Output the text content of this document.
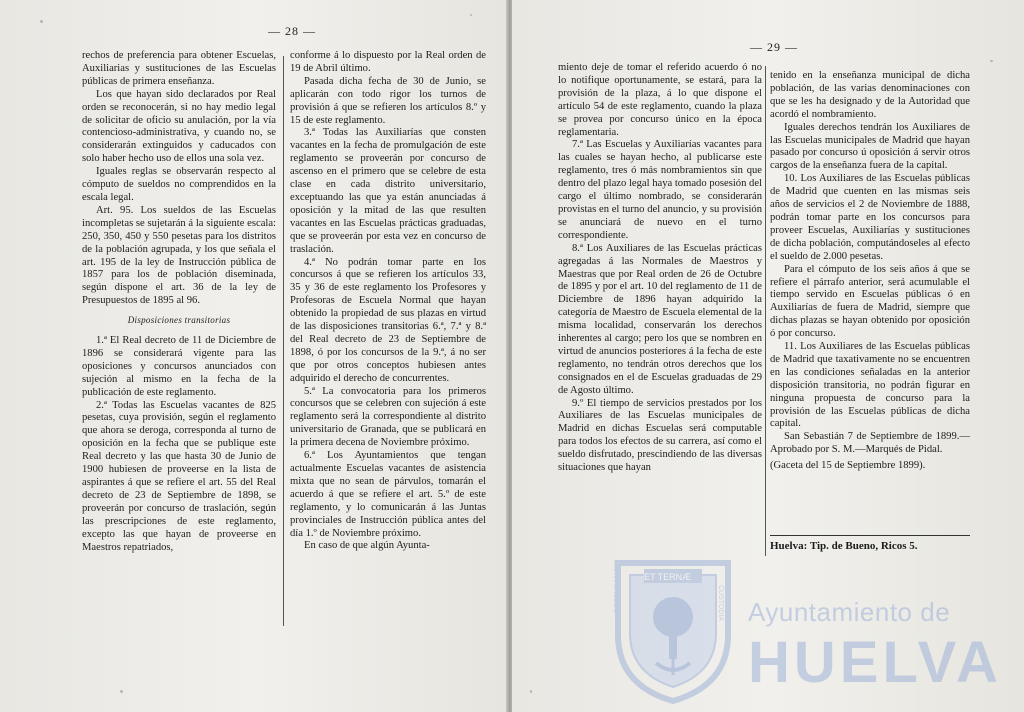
— 28 —

rechos de preferencia para obtener Escuelas, Auxiliarias y sustituciones de las Escuelas públicas de primera enseñanza.

Los que hayan sido declarados por Real orden se reconocerán, si no hay medio legal de solicitar de oficio su anulación, por la vía contencioso-administrativa, y cuando no, se considerarán extinguidos y caducados con solo haber hecho uso de ellos una sola vez.

Iguales reglas se observarán respecto al cómputo de sueldos no comprendidos en la escala legal.

Art. 95. Los sueldos de las Escuelas incompletas se sujetarán á la siguiente escala: 250, 350, 450 y 550 pesetas para los distritos de la población agrupada, y los que señala el art. 195 de la ley de Instrucción pública de 1857 para los de población diseminada, según dispone el art. 36 de la ley de Presupuestos de 1895 al 96.

Disposiciones transitorias

1.ª El Real decreto de 11 de Diciembre de 1896 se considerará vigente para las oposiciones y concursos anunciados con sujeción al mismo en la fecha de la publicación de este reglamento.

2.ª Todas las Escuelas vacantes de 825 pesetas, cuya provisión, según el reglamento que ahora se deroga, corresponda al turno de oposición en la fecha que se publique este Real decreto y las que hasta 30 de Junio de 1900 hubiesen de proveerse en la lista de aspirantes á que se refiere el art. 55 del Real decreto de 23 de Septiembre de 1898, se proveerán por concurso de traslación, según las prescripciones de este reglamento, excepto las que hayan de proveerse en Maestros repatriados,

conforme á lo dispuesto por la Real orden de 19 de Abril último.

Pasada dicha fecha de 30 de Junio, se aplicarán con todo rigor los turnos de provisión á que se refieren los artículos 8.º y 15 de este reglamento.

3.ª Todas las Auxiliarías que consten vacantes en la fecha de promulgación de este reglamento se proveerán por concurso de ascenso en el primero que se celebre de esta clase en cada distrito universitario, exceptuando las que ya están anunciadas á oposición y la mitad de las que resulten vacantes en las Escuelas prácticas graduadas, que se proveerán por esta vez en concurso de traslación.

4.ª No podrán tomar parte en los concursos á que se refieren los artículos 33, 35 y 36 de este reglamento los Profesores y Profesoras de Escuela Normal que hayan obtenido la propiedad de sus plazas en virtud de las disposiciones transitorias 6.ª, 7.ª y 8.ª del Real decreto de 23 de Septiembre de 1898, ó por los concursos de la 9.ª, á no ser que por otros conceptos hubiesen antes adquirido el derecho de concurrentes.

5.ª La convocatoria para los primeros concursos que se celebren con sujeción á este reglamento será la correspondiente al distrito universitario de Granada, que se publicará en la primera decena de Noviembre próximo.

6.ª Los Ayuntamientos que tengan actualmente Escuelas vacantes de asistencia mixta que no sean de párvulos, tomarán el acuerdo á que se refiere el art. 5.º de este reglamento, y lo comunicarán á las Juntas provinciales de Instrucción pública antes del día 1.º de Noviembre próximo.

En caso de que algún Ayunta-

— 29 —

miento deje de tomar el referido acuerdo ó no lo notifique oportunamente, se estará, para la provisión de la plaza, á lo que dispone el artículo 54 de este reglamento, cuando la plaza se provea por concurso único en la época reglamentaria.

7.ª Las Escuelas y Auxiliarías vacantes para las cuales se hayan hecho, al publicarse este reglamento, tres ó más nombramientos sin que dentro del plazo legal haya tomado posesión del cargo el último nombrado, se considerarán provistas en el turno del anuncio, y su provisión se anunciará de nuevo en el turno correspondiente.

8.ª Los Auxiliares de las Escuelas prácticas agregadas á las Normales de Maestros y Maestras que por Real orden de 26 de Octubre de 1895 y por el art. 10 del reglamento de 11 de Diciembre de 1896 hayan adquirido la categoría de Maestro de Escuela elemental de la misma localidad, conservarán los derechos inherentes al cargo; pero los que se nombren en virtud de anuncios posteriores á la fecha de este reglamento, no tendrán otros derechos que los consignados en el de Escuelas graduadas de 29 de Agosto último.

9.º El tiempo de servicios prestados por los Auxiliares de las Escuelas municipales de Madrid en dichas Escuelas será computable para todos los efectos de su carrera, así como el sueldo disfrutado, prescindiendo de las diversas situaciones que hayan

tenido en la enseñanza municipal de dicha población, de las varias denominaciones con que se les ha designado y de la Autoridad que acordó el nombramiento.

Iguales derechos tendrán los Auxiliares de las Escuelas municipales de Madrid que hayan pasado por concurso ú oposición á servir otros cargos de la enseñanza fuera de la capital.

10. Los Auxiliares de las Escuelas públicas de Madrid que cuenten en las mismas seis años de servicios el 2 de Noviembre de 1888, podrán tomar parte en los concursos para proveer Escuelas, Auxiliarías y sustituciones de dicha población, computándoseles al efecto el sueldo de 2.000 pesetas.

Para el cómputo de los seis años á que se refiere el párrafo anterior, será acumulable el tiempo servido en Escuelas públicas ó en Auxiliarías de fuera de Madrid, siempre que dichas plazas se hayan obtenido por oposición ó por concurso.

11. Los Auxiliares de las Escuelas públicas de Madrid que taxativamente no se encuentren en las condiciones señaladas en la anterior disposición transitoria, no podrán figurar en ninguna propuesta de concurso para la provisión de las Escuelas públicas de dicha capital.

San Sebastián 7 de Septiembre de 1899.—Aprobado por S. M.—Marqués de Pidal.

(Gaceta del 15 de Septiembre 1899).

Huelva: Tip. de Bueno, Ricos 5.

ET TERNÆ
PORTUS MARIS	CUSTODIA Ayuntamiento de
HUELVA
